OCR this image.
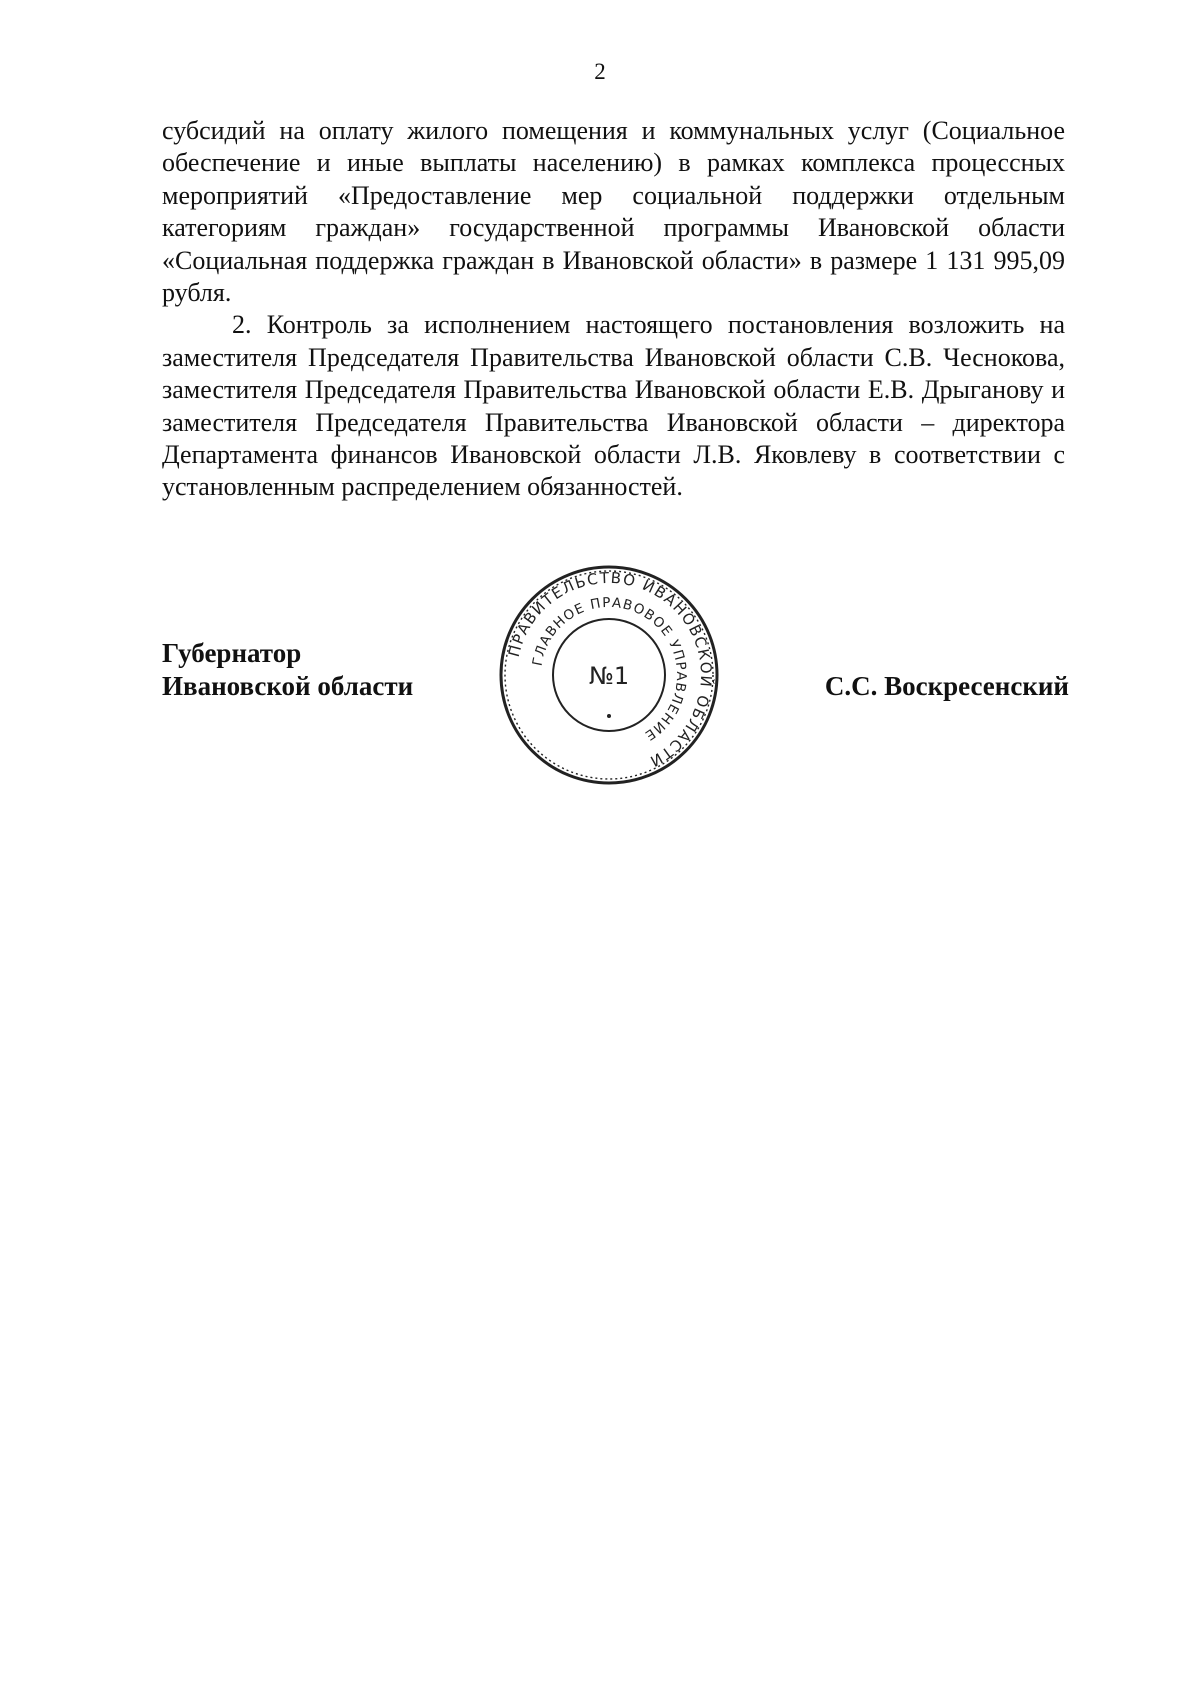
2

субсидий на оплату жилого помещения и коммунальных услуг (Социальное обеспечение и иные выплаты населению) в рамках комплекса процессных мероприятий «Предоставление мер социальной поддержки отдельным категориям граждан» государственной программы Ивановской области «Социальная поддержка граждан в Ивановской области» в размере 1 131 995,09 рубля.

2. Контроль за исполнением настоящего постановления возложить на заместителя Председателя Правительства Ивановской области С.В. Чеснокова, заместителя Председателя Правительства Ивановской области Е.В. Дрыганову и заместителя Председателя Правительства Ивановской области – директора Департамента финансов Ивановской области Л.В. Яковлеву в соответствии с установленным распределением обязанностей.

Губернатор
Ивановской области
ПРАВИТЕЛЬСТВО ИВАНОВСКОЙ ОБЛАСТИ
ГЛАВНОЕ ПРАВОВОЕ УПРАВЛЕНИЕ
№1	С.С. Воскресенский
